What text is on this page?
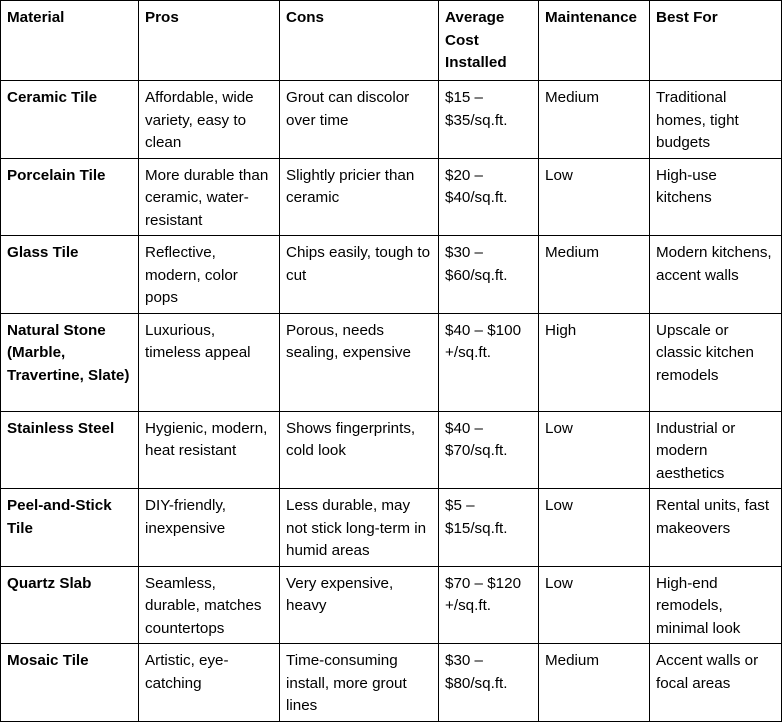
Material	Pros	Cons	Average Cost Installed	Maintenance	Best For
Ceramic Tile	Affordable, wide variety, easy to clean	Grout can discolor over time	$15 – $35/sq.ft.	Medium	Traditional homes, tight budgets
Porcelain Tile	More durable than ceramic, water-resistant	Slightly pricier than ceramic	$20 – $40/sq.ft.	Low	High-use kitchens
Glass Tile	Reflective, modern, color pops	Chips easily, tough to cut	$30 – $60/sq.ft.	Medium	Modern kitchens, accent walls
Natural Stone (Marble, Travertine, Slate)	Luxurious, timeless appeal	Porous, needs sealing, expensive	$40 – $100 +/sq.ft.	High	Upscale or classic kitchen remodels
Stainless Steel	Hygienic, modern, heat resistant	Shows fingerprints, cold look	$40 – $70/sq.ft.	Low	Industrial or modern aesthetics
Peel-and-Stick Tile	DIY-friendly, inexpensive	Less durable, may not stick long-term in humid areas	$5 – $15/sq.ft.	Low	Rental units, fast makeovers
Quartz Slab	Seamless, durable, matches countertops	Very expensive, heavy	$70 – $120 +/sq.ft.	Low	High-end remodels, minimal look
Mosaic Tile	Artistic, eye-catching	Time-consuming install, more grout lines	$30 – $80/sq.ft.	Medium	Accent walls or focal areas
